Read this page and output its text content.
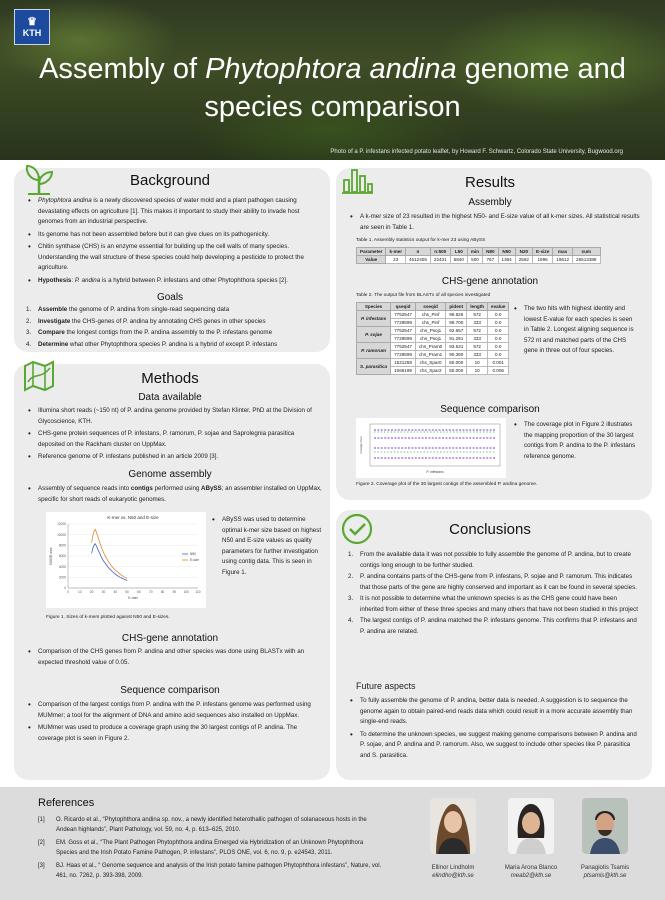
♛
KTH
Assembly of Phytophtora andina genome and species comparison
Photo of a P. infestans infected potato leaflet, by Howard F. Schwartz, Colorado State University, Bugwood.org
Background
• Phytophtora andina is a newly discovered species of water mold and a plant pathogen causing devastating effects on agriculture [1]. This makes it important to study their ability to invade host genomes from an industrial perspective.
• Its genome has not been assembled before but it can give clues on its pathogenicity.
• Chitin synthase (CHS) is an enzyme essential for building up the cell walls of many species. Understanding the wall structure of these species could help developing a pesticide to protect the agriculture.
• Hypothesis: P. andina is a hybrid between P. infestans and other Phytophthora species [2].
Goals
1. Assemble the genome of P. andina from single-read sequencing data
2. Investigate the CHS-genes of P. andina by annotating CHS genes in other species
3. Compare the longest contigs from the P. andina assembly to the P. infestans genome
4. Determine what other Phytophthora species P. andina is a hybrid of except P. infestans
Methods
Data available
• Illumina short reads (~150 nt) of P. andina genome provided by Stefan Klinter, PhD at the Division of Glycoscience, KTH.
• CHS-gene protein sequences of P. infestans, P. ramorum, P. sojae and Saprolegnia parasitica deposited on the Rackham cluster on UppMax.
• Reference genome of P. infestans published in an article 2009 [3].
Genome assembly
• Assembly of sequence reads into contigs performed using ABySS; an assembler installed on UppMax, specific for short reads of eukaryotic genomes.
K-mer vs. N50 and E-size
0
2000
4000
6000
8000
10000
12000
0	10	20	30	40	50	60	70	80	90 100 110
K-mer
N50/E-size	N50
E-size
Figure 1. Sizes of k-mers plotted against N50 and E-sizes.
• ABySS was used to determine optimal k-mer size based on highest N50 and E-size values as quality parameters for further investigation using contig data. This is seen in Figure 1.
CHS-gene annotation
• Comparison of the CHS genes from P. andina and other species was done using BLASTx with an expected threshold value of 0.05.
Sequence comparison
• Comparison of the largest contigs from P. andina with the P. infestans genome was performed using MUMmer; a tool for the alignment of DNA and amino acid sequences also installed on UppMax.
• MUMmer was used to produce a coverage graph using the 30 largest contigs of P. andina. The coverage plot is seen in Figure 2.
Results
Assembly
• A k-mer size of 23 resulted in the highest N50- and E-size value of all k-mer sizes. All statistical results are seen in Table 1.
Table 1. Assembly statistics output for k-mer 23 using ABySS
Parameter	k-mer	n	n:500	L50	min	N80	N50	N20	E-size	max	sum
Value	23	4512405	22431	5840	500	767	1364	2562	1896	19612	26513388
CHS-gene annotation
Table 2. The output file from BLASTx of all species investigated
Species	qseqid	sseqid	pident	length	evalue
P. infestans	7752547	chs_Pinf	99.825	572	0.0
	7729599	chs_Pinf	99.700	333	0.0
P. sojae	7752547	chs_Psoj1	92.657	572	0.0
	7729599	chs_Psoj1	91.291	333	0.0
P. ramorum	7752547	chs_Pram0	93.531	572	0.0
	7729599	chs_Pram1	90.390	333	0.0
S. parasitica	1521259	chs_Spar0	50.000	10	0.001
	1066199	chs_Spar2	50.000	10	0.006
• The two hits with highest identity and lowest E-value for each species is seen in Table 2. Longest aligning sequence is 572 nt and matched parts of the CHS gene in three out of four species.
Sequence comparison
P. infestans
Contigs P.an
Figure 2. Coverage plot of the 30 largest contigs of the assembled P. andina genome.
• The coverage plot in Figure 2 illustrates the mapping proportion of the 30 largest contigs from P. andina to the P. infestans reference genome.
Conclusions
1. From the available data it was not possible to fully assemble the genome of P. andina, but to create contigs long enough to be further studied.
2. P. andina contains parts of the CHS-gene from P. infestans, P. sojae and P. ramorum. This indicates that those parts of the gene are highly conserved and important as it can be found in several species.
3. It is not possible to determine what the unknown species is as the CHS gene could have been inherited from either of these three species and many others that have not been studied in this project
4. The largest contigs of P. andina matched the P. infestans genome. This confirms that P. infestans and P. andina are related.
Future aspects
• To fully assemble the genome of P. andina, better data is needed. A suggestion is to sequence the genome again to obtain paired-end reads data which could result in a more accurate assembly than single-end reads.
• To determine the unknown species, we suggest making genome comparisons between P. andina and P. sojae, and P. andina and P. ramorum. Also, we suggest to include other species like P. parasitica and S. parasitica.
References
[1] O. Ricardo et al., “Phytophthora andina sp. nov., a newly identified heterothallic pathogen of solanaceous hosts in the Andean highlands”, Plant Pathology, vol. 59, no. 4, p. 613–625, 2010.
[2] EM. Goss et al., “The Plant Pathogen Phytophthora andina Emerged via Hybridization of an Unknown Phytophthora Species and the Irish Potato Famine Pathogen, P. infestans”, PLOS ONE, vol. 6, no. 9, p. e24543, 2011.
[3] BJ. Haas et al., “ Genome sequence and analysis of the Irish potato famine pathogen Phytophthora infestans”, Nature, vol. 461, no. 7262, p. 393-398, 2009.
Ellinor Lindholm
elindho@kth.se
Maria Arona Blanco
meab2@kth.se
Panagiotis Tsamis
ptsamis@kth.se
